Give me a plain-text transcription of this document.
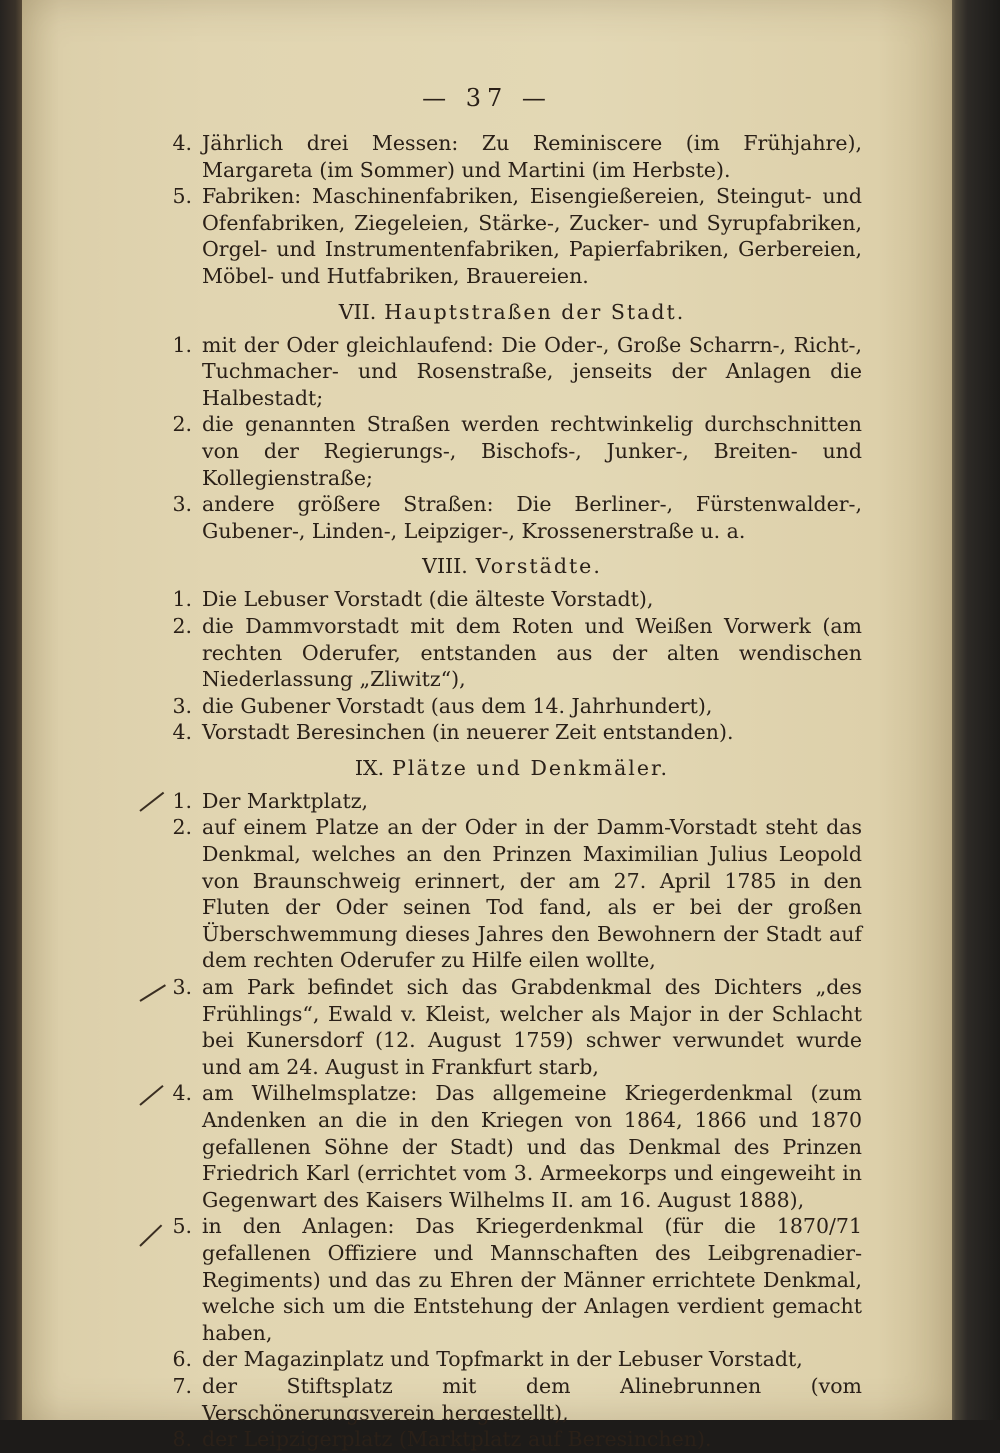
— 37 —
4. Jährlich drei Messen: Zu Reminiscere (im Frühjahre), Margareta (im Sommer) und Martini (im Herbste).
5. Fabriken: Maschinenfabriken, Eisengießereien, Steingut- und Ofenfabriken, Ziegeleien, Stärke-, Zucker- und Syrupfabriken, Orgel- und Instrumentenfabriken, Papierfabriken, Gerbereien, Möbel- und Hutfabriken, Brauereien.
VII. Hauptstraßen der Stadt.
1. mit der Oder gleichlaufend: Die Oder-, Große Scharrn-, Richt-, Tuchmacher- und Rosenstraße, jenseits der Anlagen die Halbestadt;
2. die genannten Straßen werden rechtwinkelig durchschnitten von der Regierungs-, Bischofs-, Junker-, Breiten- und Kollegienstraße;
3. andere größere Straßen: Die Berliner-, Fürstenwalder-, Gubener-, Linden-, Leipziger-, Krossenerstraße u. a.
VIII. Vorstädte.
1. Die Lebuser Vorstadt (die älteste Vorstadt),
2. die Dammvorstadt mit dem Roten und Weißen Vorwerk (am rechten Oderufer, entstanden aus der alten wendischen Niederlassung „Zliwitz“),
3. die Gubener Vorstadt (aus dem 14. Jahrhundert),
4. Vorstadt Beresinchen (in neuerer Zeit entstanden).
IX. Plätze und Denkmäler.
1. Der Marktplatz,
2. auf einem Platze an der Oder in der Damm-Vorstadt steht das Denkmal, welches an den Prinzen Maximilian Julius Leopold von Braunschweig erinnert, der am 27. April 1785 in den Fluten der Oder seinen Tod fand, als er bei der großen Überschwemmung dieses Jahres den Bewohnern der Stadt auf dem rechten Oderufer zu Hilfe eilen wollte,
3. am Park befindet sich das Grabdenkmal des Dichters „des Frühlings“, Ewald v. Kleist, welcher als Major in der Schlacht bei Kunersdorf (12. August 1759) schwer verwundet wurde und am 24. August in Frankfurt starb,
4. am Wilhelmsplatze: Das allgemeine Kriegerdenkmal (zum Andenken an die in den Kriegen von 1864, 1866 und 1870 gefallenen Söhne der Stadt) und das Denkmal des Prinzen Friedrich Karl (errichtet vom 3. Armeekorps und eingeweiht in Gegenwart des Kaisers Wilhelms II. am 16. August 1888),
5. in den Anlagen: Das Kriegerdenkmal (für die 1870/71 gefallenen Offiziere und Mannschaften des Leibgrenadier-Regiments) und das zu Ehren der Männer errichtete Denkmal, welche sich um die Entstehung der Anlagen verdient gemacht haben,
6. der Magazinplatz und Topfmarkt in der Lebuser Vorstadt,
7. der Stiftsplatz mit dem Alinebrunnen (vom Verschönerungsverein hergestellt),
8. der Leipzigerplatz (Marktplatz auf Beresinchen).
